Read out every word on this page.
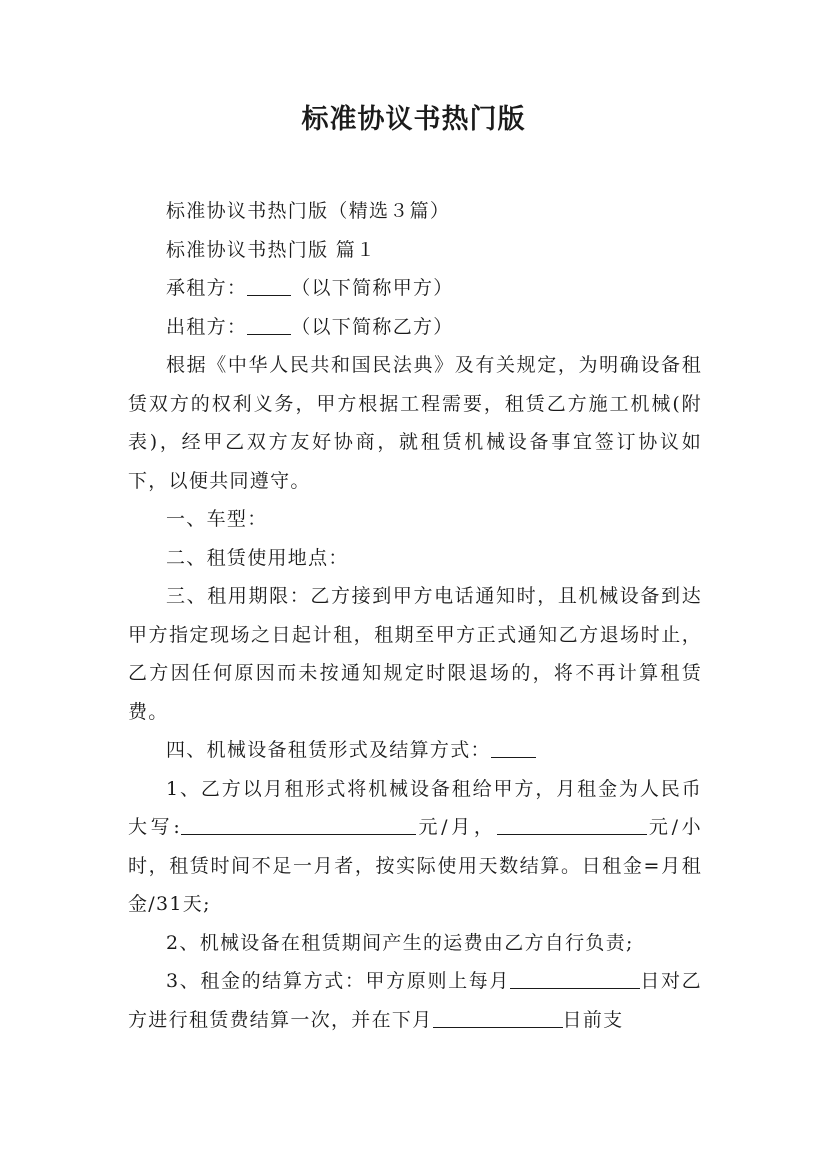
标准协议书热门版

标准协议书热门版（精选３篇）

标准协议书热门版 篇１

承租方： （以下简称甲方）

出租方： （以下简称乙方）

根据《中华人民共和国民法典》及有关规定，为明确设备租赁双方的权利义务，甲方根据工程需要，租赁乙方施工机械(附表)，经甲乙双方友好协商，就租赁机械设备事宜签订协议如下，以便共同遵守。

一、车型：

二、租赁使用地点：

三、租用期限：乙方接到甲方电话通知时，且机械设备到达甲方指定现场之日起计租，租期至甲方正式通知乙方退场时止，乙方因任何原因而未按通知规定时限退场的，将不再计算租赁费。

四、机械设备租赁形式及结算方式：

1、乙方以月租形式将机械设备租给甲方，月租金为人民币大写:	元/月，	元/小时，租赁时间不足一月者，按实际使用天数结算。日租金=月租金/31天;

2、机械设备在租赁期间产生的运费由乙方自行负责;

3、租金的结算方式：甲方原则上每月	日对乙方进行租赁费结算一次，并在下月	日前支
